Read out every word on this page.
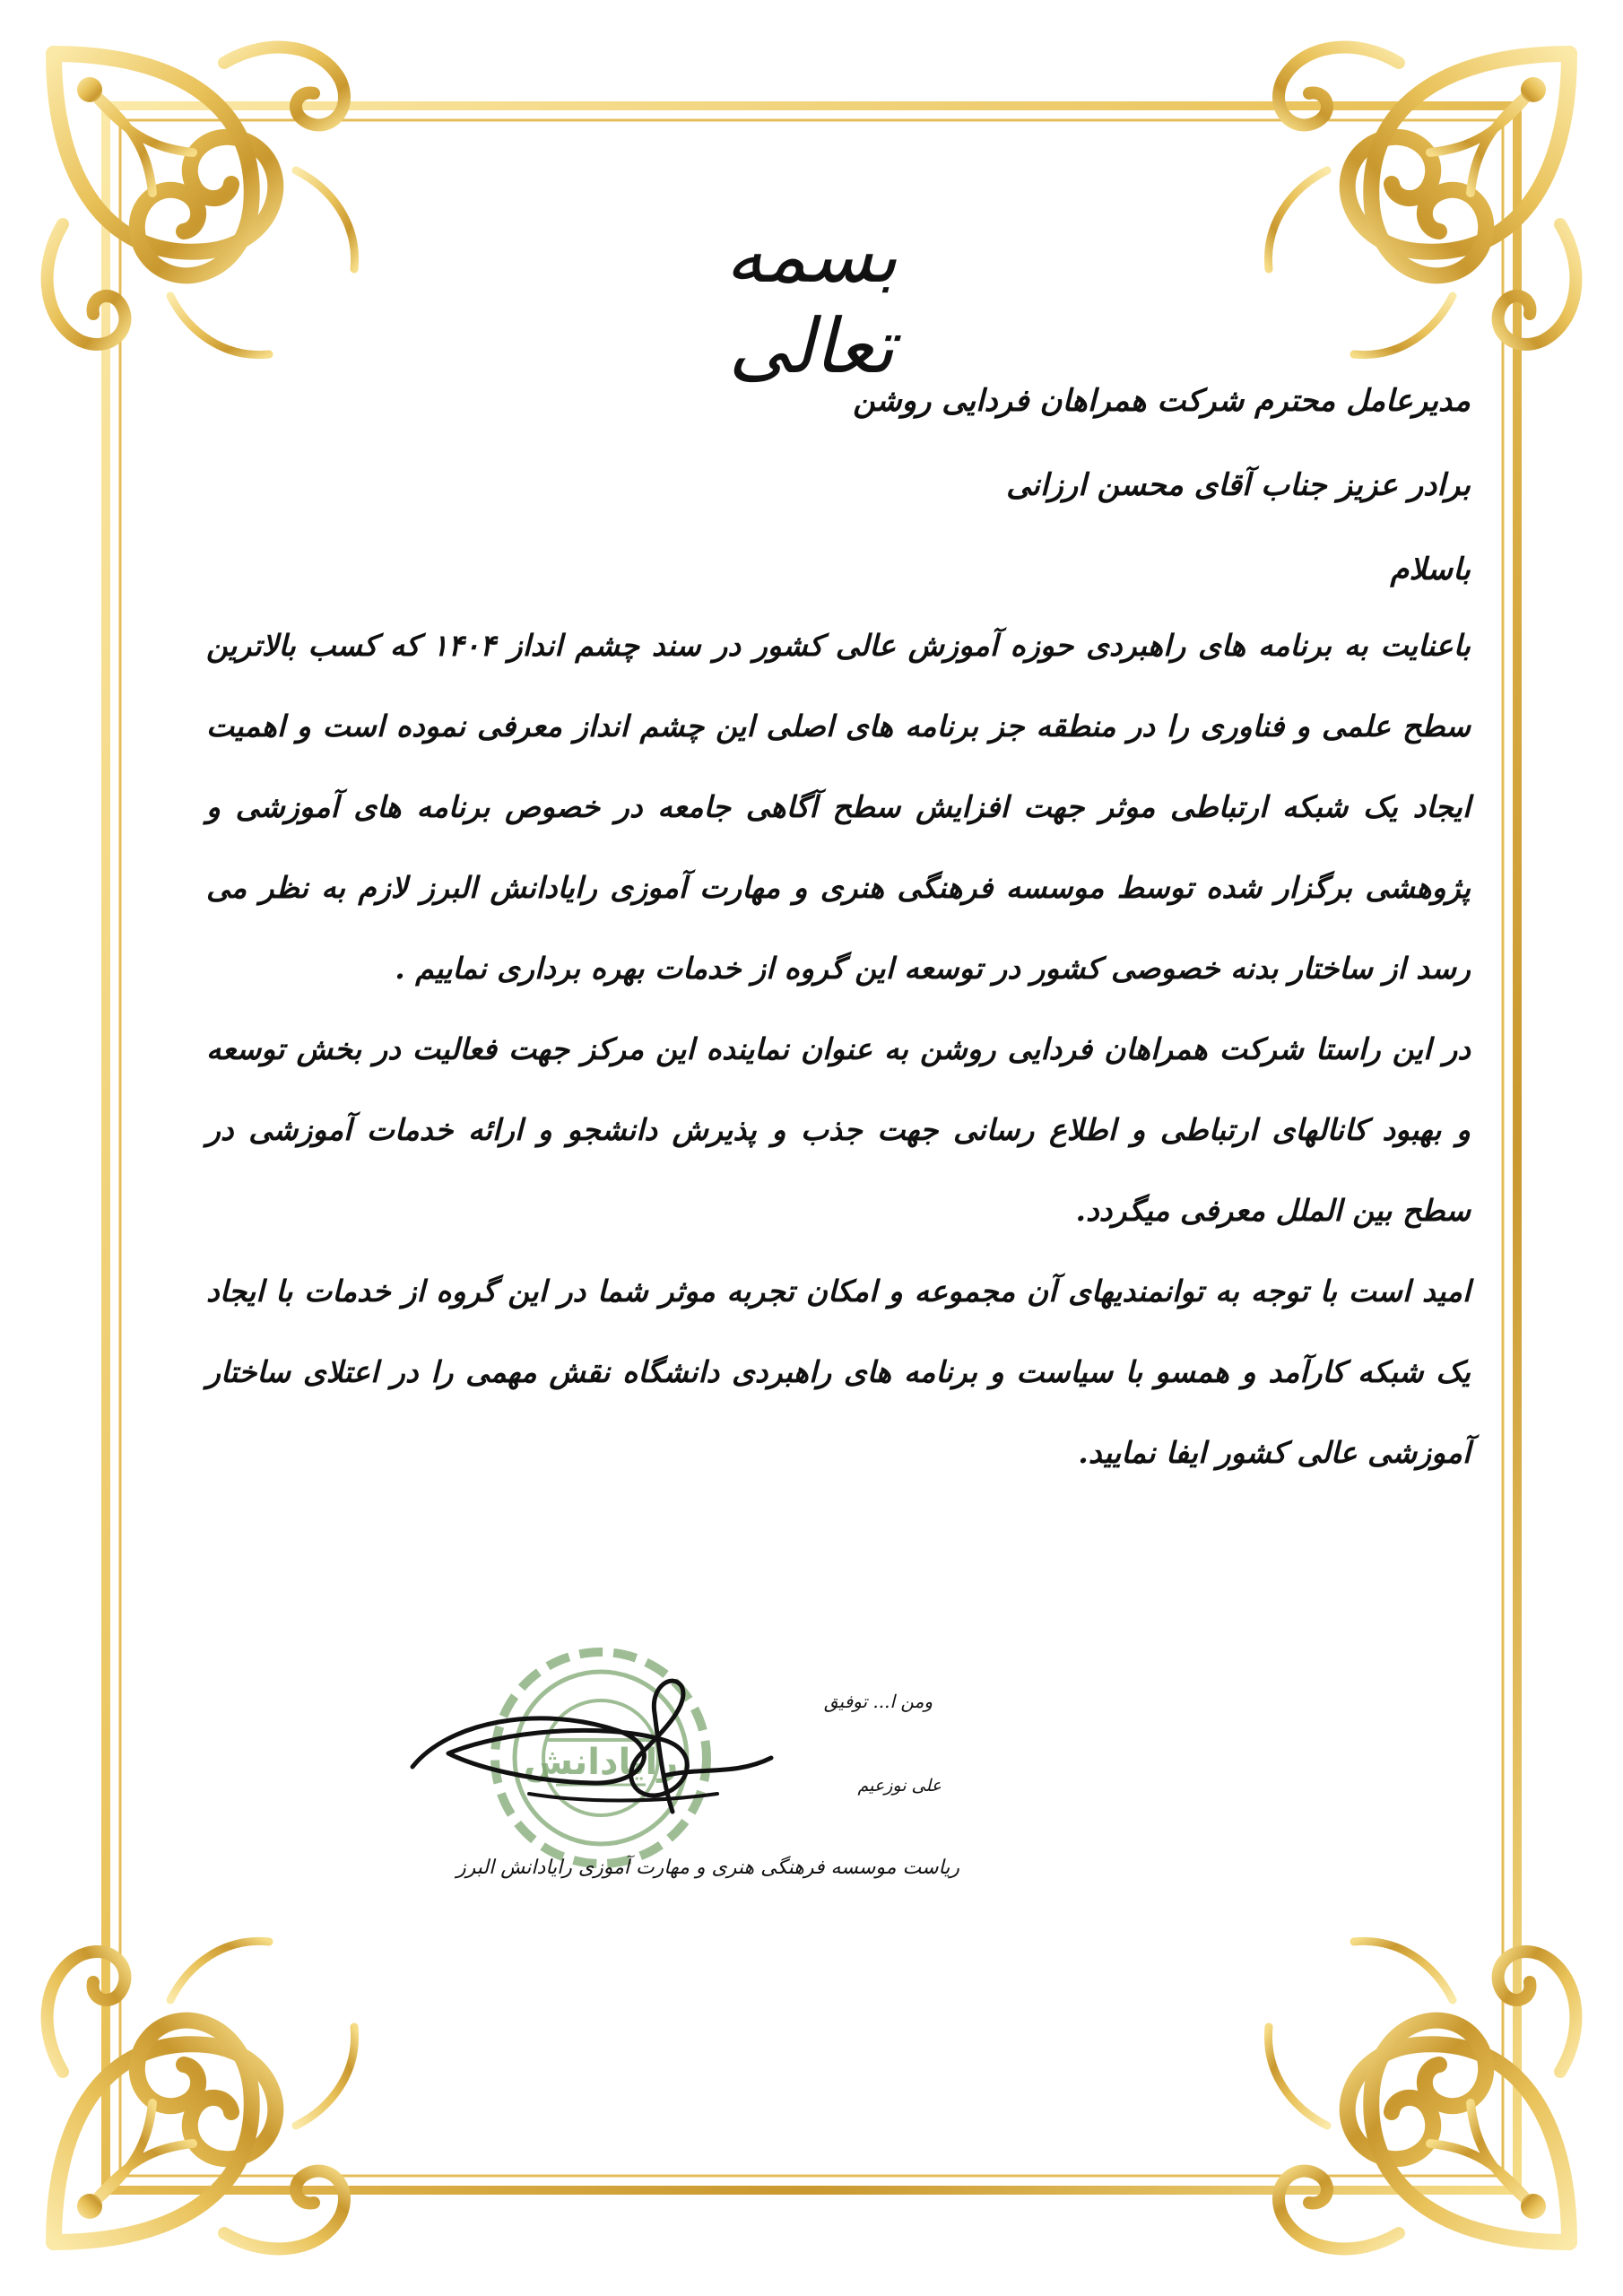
بسمه تعالی

مدیرعامل محترم شرکت همراهان فردایی روشن

برادر عزیز جناب آقای محسن ارزانی

باسلام

باعنایت به برنامه های راهبردی حوزه آموزش عالی کشور در سند چشم انداز ۱۴۰۴ که کسب بالاترین سطح علمی و فناوری را در منطقه جز برنامه های اصلی این چشم انداز معرفی نموده است و اهمیت ایجاد یک شبکه ارتباطی موثر جهت افزایش سطح آگاهی جامعه در خصوص برنامه های آموزشی و پژوهشی برگزار شده توسط موسسه فرهنگی هنری و مهارت آموزی رایادانش البرز لازم به نظر می رسد از ساختار بدنه خصوصی کشور در توسعه این گروه از خدمات بهره برداری نماییم .

در این راستا شرکت همراهان فردایی روشن به عنوان نماینده این مرکز جهت فعالیت در بخش توسعه و بهبود کانالهای ارتباطی و اطلاع رسانی جهت جذب و پذیرش دانشجو و ارائه خدمات آموزشی در سطح بین الملل معرفی میگردد.

امید است با توجه به توانمندیهای آن مجموعه و امکان تجربه موثر شما در این گروه از خدمات با ایجاد یک شبکه کارآمد و همسو با سیاست و برنامه های راهبردی دانشگاه نقش مهمی را در اعتلای ساختار آموزشی عالی کشور ایفا نمایید.

رایادانش
ومن ا... توفیق
علی نوزعیم
ریاست موسسه فرهنگی هنری و مهارت آموزی رایادانش البرز
